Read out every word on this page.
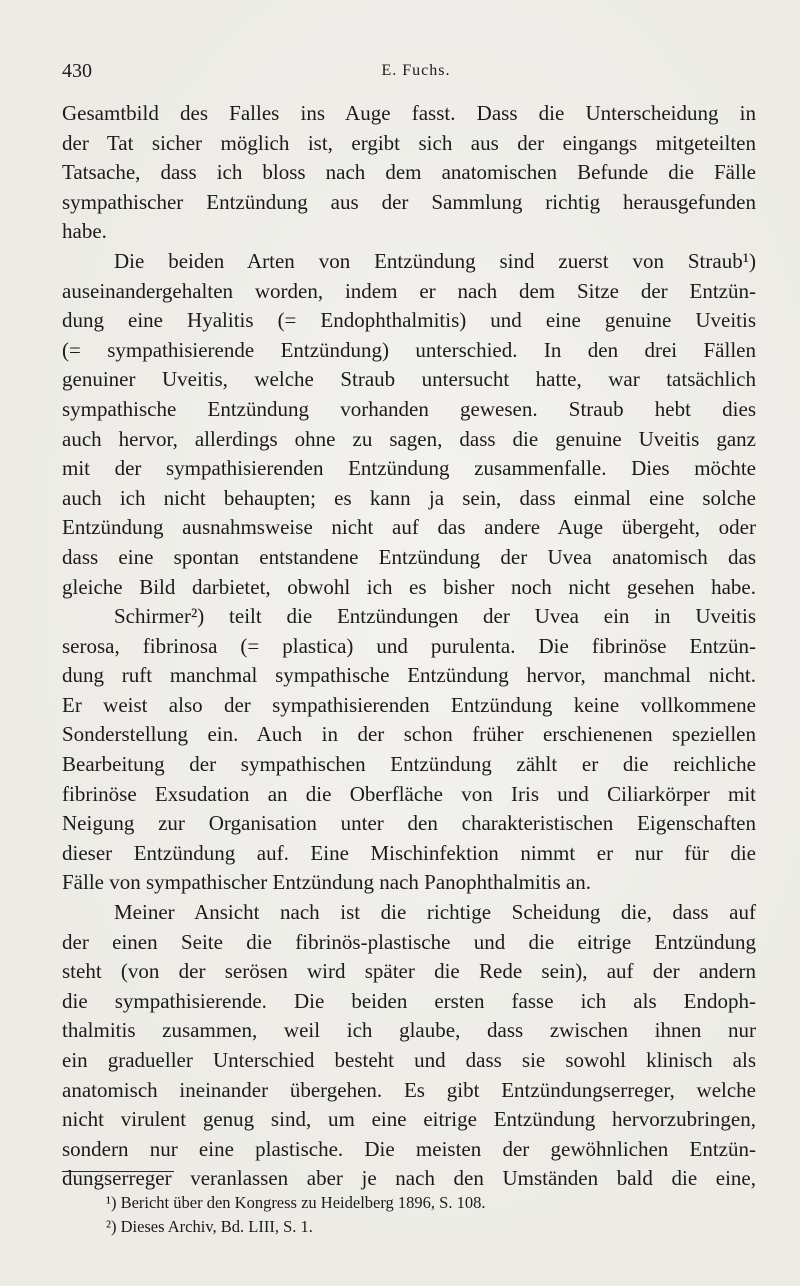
430	E. Fuchs.
Gesamtbild des Falles ins Auge fasst. Dass die Unterscheidung in
der Tat sicher möglich ist, ergibt sich aus der eingangs mitgeteilten
Tatsache, dass ich bloss nach dem anatomischen Befunde die Fälle
sympathischer Entzündung aus der Sammlung richtig herausgefunden
habe.
Die beiden Arten von Entzündung sind zuerst von Straub¹)
auseinandergehalten worden, indem er nach dem Sitze der Entzün-
dung eine Hyalitis (= Endophthalmitis) und eine genuine Uveitis
(= sympathisierende Entzündung) unterschied. In den drei Fällen
genuiner Uveitis, welche Straub untersucht hatte, war tatsächlich
sympathische Entzündung vorhanden gewesen. Straub hebt dies
auch hervor, allerdings ohne zu sagen, dass die genuine Uveitis ganz
mit der sympathisierenden Entzündung zusammenfalle. Dies möchte
auch ich nicht behaupten; es kann ja sein, dass einmal eine solche
Entzündung ausnahmsweise nicht auf das andere Auge übergeht, oder
dass eine spontan entstandene Entzündung der Uvea anatomisch das
gleiche Bild darbietet, obwohl ich es bisher noch nicht gesehen habe.
Schirmer²) teilt die Entzündungen der Uvea ein in Uveitis
serosa, fibrinosa (= plastica) und purulenta. Die fibrinöse Entzün-
dung ruft manchmal sympathische Entzündung hervor, manchmal nicht.
Er weist also der sympathisierenden Entzündung keine vollkommene
Sonderstellung ein. Auch in der schon früher erschienenen speziellen
Bearbeitung der sympathischen Entzündung zählt er die reichliche
fibrinöse Exsudation an die Oberfläche von Iris und Ciliarkörper mit
Neigung zur Organisation unter den charakteristischen Eigenschaften
dieser Entzündung auf. Eine Mischinfektion nimmt er nur für die
Fälle von sympathischer Entzündung nach Panophthalmitis an.
Meiner Ansicht nach ist die richtige Scheidung die, dass auf
der einen Seite die fibrinös-plastische und die eitrige Entzündung
steht (von der serösen wird später die Rede sein), auf der andern
die sympathisierende. Die beiden ersten fasse ich als Endoph-
thalmitis zusammen, weil ich glaube, dass zwischen ihnen nur
ein gradueller Unterschied besteht und dass sie sowohl klinisch als
anatomisch ineinander übergehen. Es gibt Entzündungserreger, welche
nicht virulent genug sind, um eine eitrige Entzündung hervorzubringen,
sondern nur eine plastische. Die meisten der gewöhnlichen Entzün-
dungserreger veranlassen aber je nach den Umständen bald die eine,
¹) Bericht über den Kongress zu Heidelberg 1896, S. 108.
²) Dieses Archiv, Bd. LIII, S. 1.
